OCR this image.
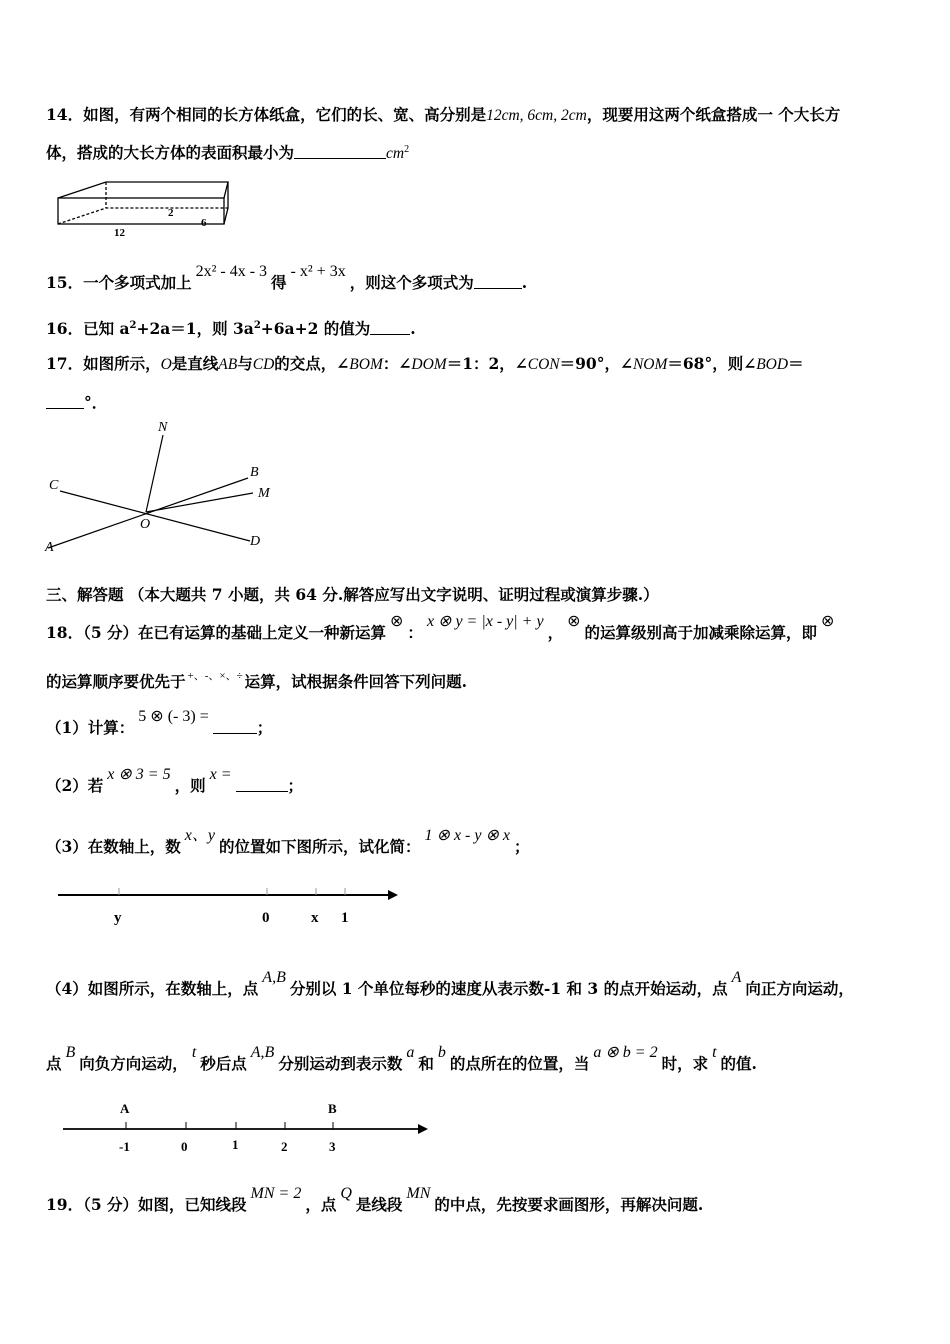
14．如图，有两个相同的长方体纸盒，它们的长、宽、高分别是12cm, 6cm, 2cm，现要用这两个纸盒搭成一 个大长方
体，搭成的大长方体的表面积最小为	$cm^2$
2
6
12
15．一个多项式加上2x² - 4x - 3得- x² + 3x，则这个多项式为	.
16．已知 $a^2+2a=1$，则 $3a^2+6a+2$ 的值为	.
17．如图所示，O是直线AB与CD的交点，∠BOM：∠DOM＝1：2，∠CON＝90°，∠NOM＝68°，则∠BOD＝
°．
N
B
M
C
O
A	D
三、解答题 （本大题共 7 小题，共 64 分.解答应写出文字说明、证明过程或演算步骤.）
18．（5 分）在已有运算的基础上定义一种新运算⊗：x ⊗ y = |x - y| + y，⊗的运算级别高于加减乘除运算，即⊗
的运算顺序要优先于 +、-、×、÷ 运算，试根据条件回答下列问题.
（1）计算：5 ⊗ (- 3) =；
（2）若x ⊗ 3 = 5，则x =；
（3）在数轴上，数x、y的位置如下图所示，试化简：1 ⊗ x - y ⊗ x；
y	0	x 1
（4）如图所示，在数轴上，点A,B分别以 1 个单位每秒的速度从表示数-1 和 3 的点开始运动，点A向正方向运动，
点B向负方向运动，t秒后点A,B分别运动到表示数a和b的点所在的位置，当a ⊗ b = 2时，求t的值.
A	B
-1	0	1	2	3
19．（5 分）如图，已知线段MN = 2，点Q是线段MN的中点，先按要求画图形，再解决问题.
